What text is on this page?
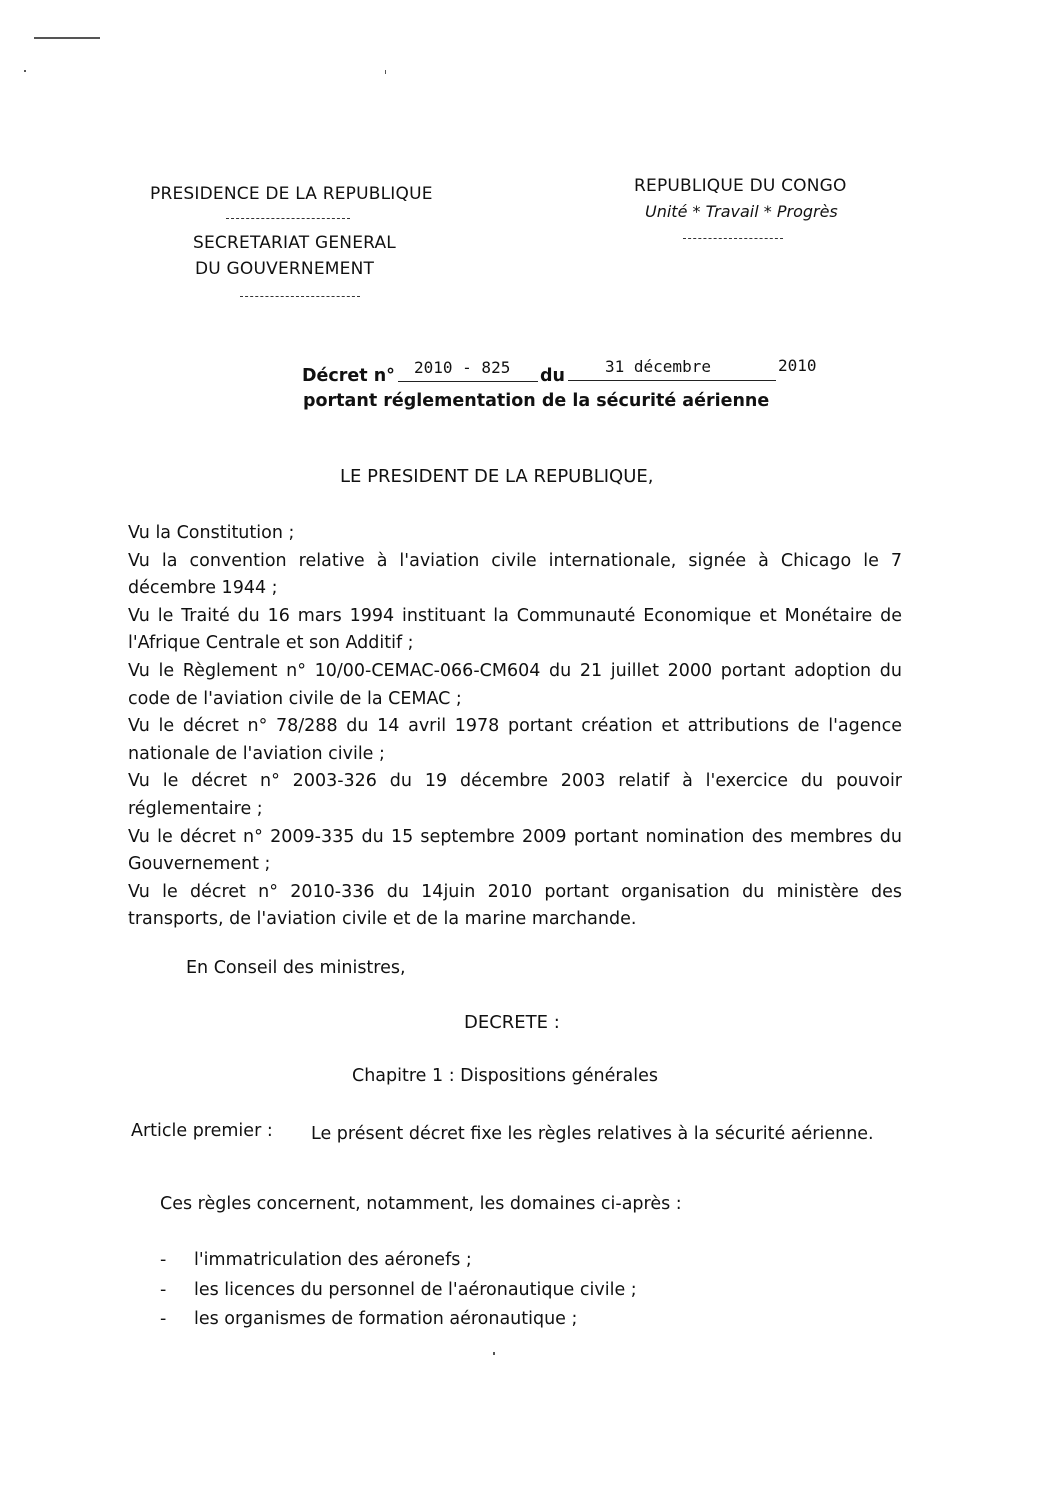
PRESIDENCE DE LA REPUBLIQUE
SECRETARIAT GENERAL
DU GOUVERNEMENT
REPUBLIQUE DU CONGO
Unité * Travail * Progrès
Décret n° 2010 - 825 du	31 décembre	2010
portant réglementation de la sécurité aérienne
LE PRESIDENT DE LA REPUBLIQUE,

Vu la Constitution ;

Vu la convention relative à l'aviation civile internationale, signée à Chicago le 7 décembre 1944 ;

Vu le Traité du 16 mars 1994 instituant la Communauté Economique et Monétaire de l'Afrique Centrale et son Additif ;

Vu le Règlement n° 10/00-CEMAC-066-CM604 du 21 juillet 2000 portant adoption du code de l'aviation civile de la CEMAC ;

Vu le décret n° 78/288 du 14 avril 1978 portant création et attributions de l'agence nationale de l'aviation civile ;

Vu le décret n° 2003-326 du 19 décembre 2003 relatif à l'exercice du pouvoir réglementaire ;

Vu le décret n° 2009-335 du 15 septembre 2009 portant nomination des membres du Gouvernement ;

Vu le décret n° 2010-336 du 14juin 2010 portant organisation du ministère des transports, de l'aviation civile et de la marine marchande.

En Conseil des ministres,
DECRETE :
Chapitre 1 : Dispositions générales
Article premier :	Le présent décret fixe les règles relatives à la sécurité aérienne.
Ces règles concernent, notamment, les domaines ci-après :
- l'immatriculation des aéronefs ;
- les licences du personnel de l'aéronautique civile ;
- les organismes de formation aéronautique ;
